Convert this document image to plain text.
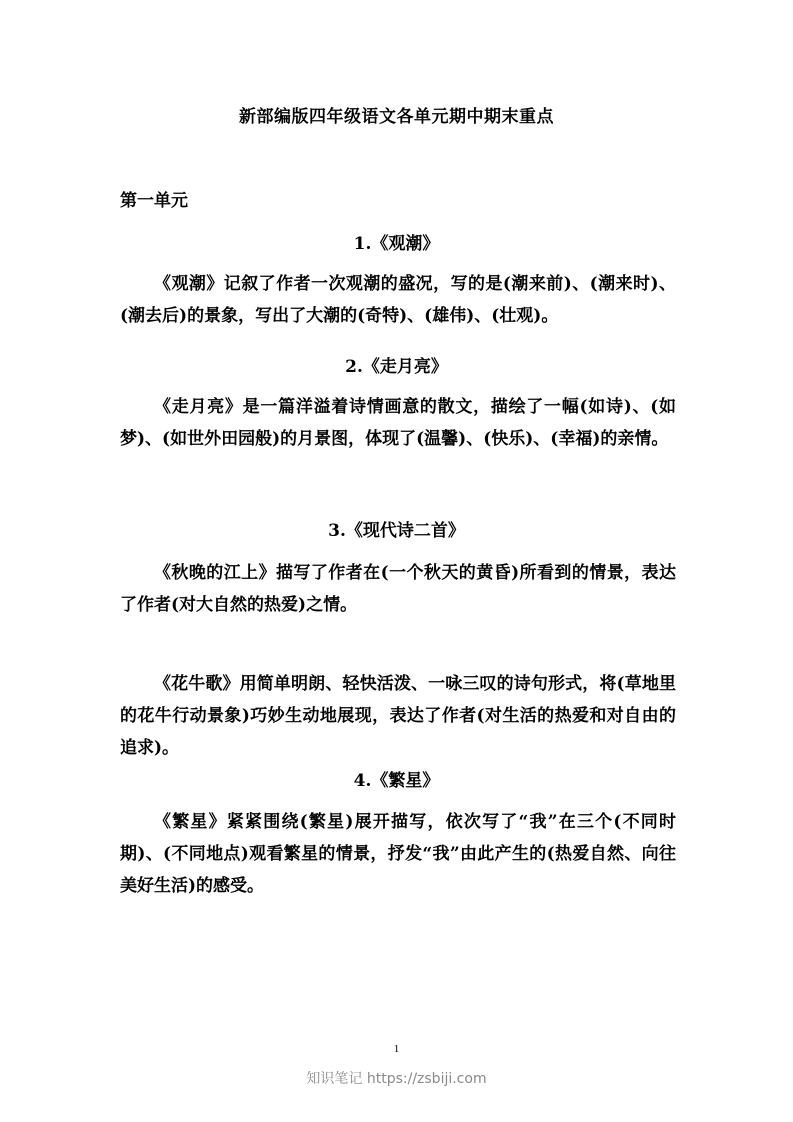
新部编版四年级语文各单元期中期末重点
第一单元
1.《观潮》
《观潮》记叙了作者一次观潮的盛况，写的是(潮来前)、(潮来时)、(潮去后)的景象，写出了大潮的(奇特)、(雄伟)、(壮观)。
2.《走月亮》
《走月亮》是一篇洋溢着诗情画意的散文，描绘了一幅(如诗)、(如梦)、(如世外田园般)的月景图，体现了(温馨)、(快乐)、(幸福)的亲情。
3.《现代诗二首》
《秋晚的江上》描写了作者在(一个秋天的黄昏)所看到的情景，表达了作者(对大自然的热爱)之情。
《花牛歌》用简单明朗、轻快活泼、一咏三叹的诗句形式，将(草地里的花牛行动景象)巧妙生动地展现，表达了作者(对生活的热爱和对自由的追求)。
4.《繁星》
《繁星》紧紧围绕(繁星)展开描写，依次写了“我”在三个(不同时期)、(不同地点)观看繁星的情景，抒发“我”由此产生的(热爱自然、向往美好生活)的感受。
1
知识笔记 https://zsbiji.com
